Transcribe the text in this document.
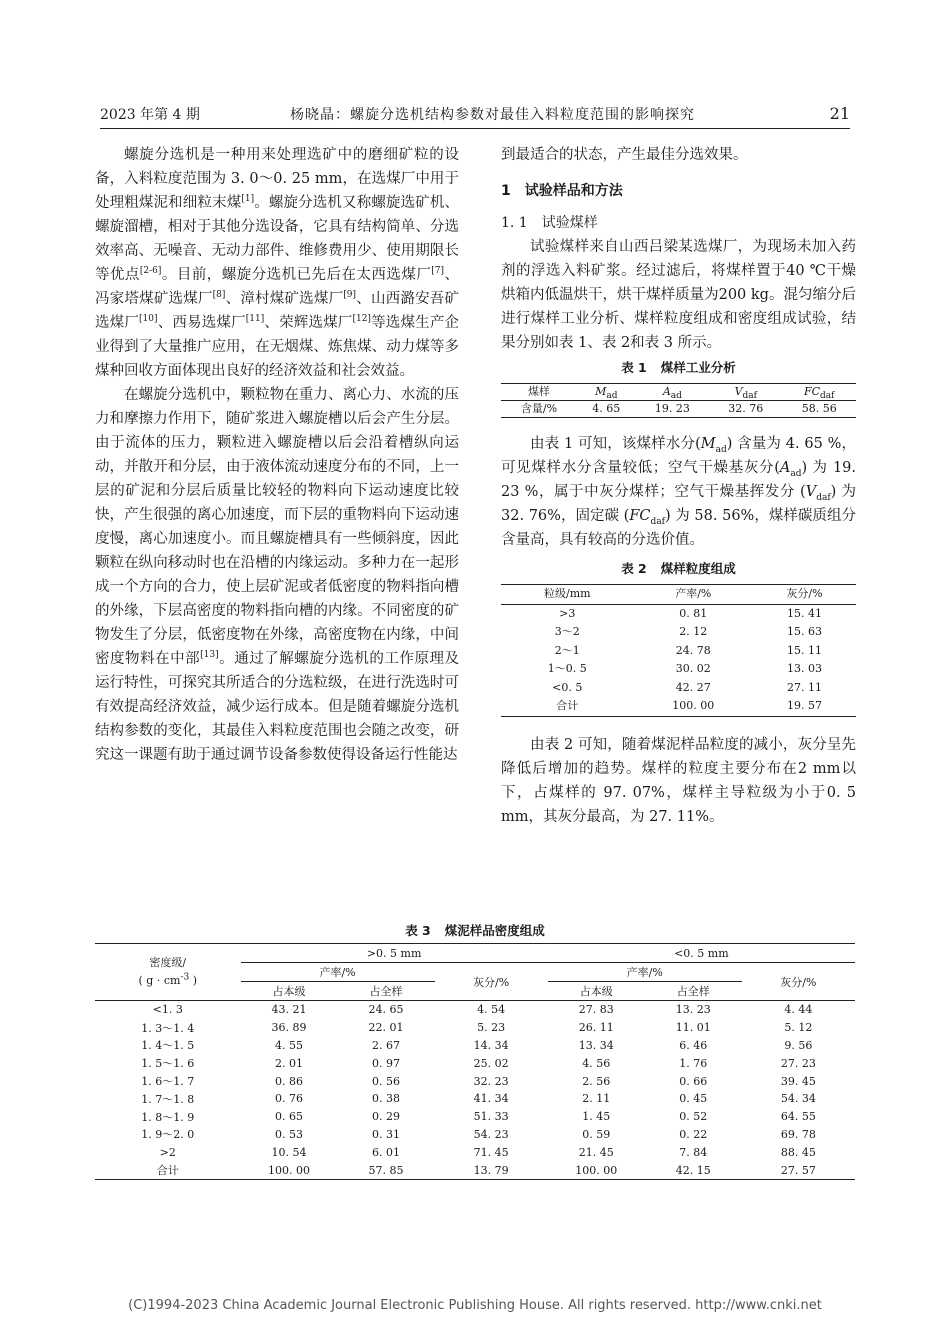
2023 年第 4 期	杨晓晶：螺旋分选机结构参数对最佳入料粒度范围的影响探究	21

螺旋分选机是一种用来处理选矿中的磨细矿粒的设备，入料粒度范围为 3. 0～0. 25 mm，在选煤厂中用于处理粗煤泥和细粒末煤[1]。螺旋分选机又称螺旋选矿机、螺旋溜槽，相对于其他分选设备，它具有结构简单、分选效率高、无噪音、无动力部件、维修费用少、使用期限长等优点[2-6]。目前，螺旋分选机已先后在太西选煤厂[7]、冯家塔煤矿选煤厂[8]、漳村煤矿选煤厂[9]、山西潞安吾矿选煤厂[10]、西易选煤厂[11]、荣辉选煤厂[12]等选煤生产企业得到了大量推广应用，在无烟煤、炼焦煤、动力煤等多煤种回收方面体现出良好的经济效益和社会效益。

在螺旋分选机中，颗粒物在重力、离心力、水流的压力和摩擦力作用下，随矿浆进入螺旋槽以后会产生分层。由于流体的压力，颗粒进入螺旋槽以后会沿着槽纵向运动，并散开和分层，由于液体流动速度分布的不同，上一层的矿泥和分层后质量比较轻的物料向下运动速度比较快，产生很强的离心加速度，而下层的重物料向下运动速度慢，离心加速度小。而且螺旋槽具有一些倾斜度，因此颗粒在纵向移动时也在沿槽的内缘运动。多种力在一起形成一个方向的合力，使上层矿泥或者低密度的物料指向槽的外缘，下层高密度的物料指向槽的内缘。不同密度的矿物发生了分层，低密度物在外缘，高密度物在内缘，中间密度物料在中部[13]。通过了解螺旋分选机的工作原理及运行特性，可探究其所适合的分选粒级，在进行洗选时可有效提高经济效益，减少运行成本。但是随着螺旋分选机结构参数的变化，其最佳入料粒度范围也会随之改变，研究这一课题有助于通过调节设备参数使得设备运行性能达

到最适合的状态，产生最佳分选效果。

1　试验样品和方法
1. 1　试验煤样

试验煤样来自山西吕梁某选煤厂，为现场未加入药剂的浮选入料矿浆。经过滤后，将煤样置于40 ℃干燥烘箱内低温烘干，烘干煤样质量为200 kg。混匀缩分后进行煤样工业分析、煤样粒度组成和密度组成试验，结果分别如表 1、表 2和表 3 所示。

表 1 煤样工业分析
煤样	$M_{ad}$	$A_{ad}$	$V_{daf}$	$FC_{daf}$
含量/%	4. 65	19. 23	32. 76	58. 56

由表 1 可知，该煤样水分$(M_{ad})$ 含量为 4. 65 %，可见煤样水分含量较低；空气干燥基灰分$(A_{ad})$ 为 19. 23 %，属于中灰分煤样；空气干燥基挥发分 $(V_{daf})$ 为 32. 76%，固定碳 $(FC_{daf})$ 为 58. 56%，煤样碳质组分含量高，具有较高的分选价值。

表 2 煤样粒度组成
粒级/mm	产率/%	灰分/%
>3	0. 81	15. 41
3～2	2. 12	15. 63
2～1	24. 78	15. 11
1～0. 5	30. 02	13. 03
<0. 5	42. 27	27. 11
合计	100. 00	19. 57

由表 2 可知，随着煤泥样品粒度的减小，灰分呈先降低后增加的趋势。煤样的粒度主要分布在2 mm以下，占煤样的 97. 07%，煤样主导粒级为小于0. 5 mm，其灰分最高，为 27. 11%。

表 3 煤泥样品密度组成
密度级/
( $g \cdot cm^{-3}$ )	>0. 5 mm			<0. 5 mm		
	产率/%		灰分/%	产率/%		灰分/%
	占本级	占全样		占本级	占全样	
<1. 3	43. 21	24. 65	4. 54	27. 83	13. 23	4. 44
1. 3～1. 4	36. 89	22. 01	5. 23	26. 11	11. 01	5. 12
1. 4～1. 5	4. 55	2. 67	14. 34	13. 34	6. 46	9. 56
1. 5～1. 6	2. 01	0. 97	25. 02	4. 56	1. 76	27. 23
1. 6～1. 7	0. 86	0. 56	32. 23	2. 56	0. 66	39. 45
1. 7～1. 8	0. 76	0. 38	41. 34	2. 11	0. 45	54. 34
1. 8～1. 9	0. 65	0. 29	51. 33	1. 45	0. 52	64. 55
1. 9～2. 0	0. 53	0. 31	54. 23	0. 59	0. 22	69. 78
>2	10. 54	6. 01	71. 45	21. 45	7. 84	88. 45
合计	100. 00	57. 85	13. 79	100. 00	42. 15	27. 57
(C)1994-2023 China Academic Journal Electronic Publishing House. All rights reserved. http://www.cnki.net
